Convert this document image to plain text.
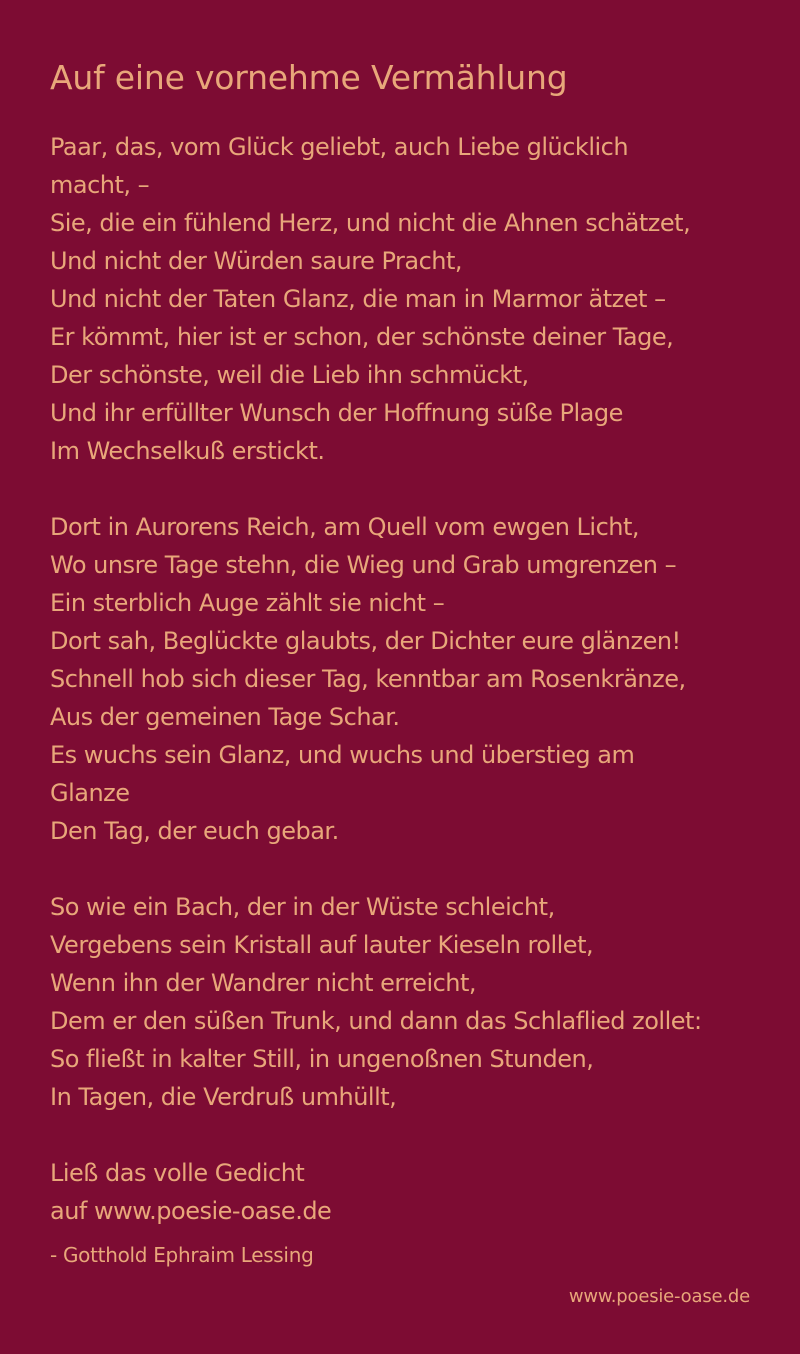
Auf eine vornehme Vermählung
Paar, das, vom Glück geliebt, auch Liebe glücklich
macht, –
Sie, die ein fühlend Herz, und nicht die Ahnen schätzet,
Und nicht der Würden saure Pracht,
Und nicht der Taten Glanz, die man in Marmor ätzet –
Er kömmt, hier ist er schon, der schönste deiner Tage,
Der schönste, weil die Lieb ihn schmückt,
Und ihr erfüllter Wunsch der Hoffnung süße Plage
Im Wechselkuß erstickt.
Dort in Aurorens Reich, am Quell vom ewgen Licht,
Wo unsre Tage stehn, die Wieg und Grab umgrenzen –
Ein sterblich Auge zählt sie nicht –
Dort sah, Beglückte glaubts, der Dichter eure glänzen!
Schnell hob sich dieser Tag, kenntbar am Rosenkränze,
Aus der gemeinen Tage Schar.
Es wuchs sein Glanz, und wuchs und überstieg am
Glanze
Den Tag, der euch gebar.
So wie ein Bach, der in der Wüste schleicht,
Vergebens sein Kristall auf lauter Kieseln rollet,
Wenn ihn der Wandrer nicht erreicht,
Dem er den süßen Trunk, und dann das Schlaflied zollet:
So fließt in kalter Still, in ungenoßnen Stunden,
In Tagen, die Verdruß umhüllt,
Ließ das volle Gedicht
auf www.poesie-oase.de
- Gotthold Ephraim Lessing
www.poesie-oase.de
